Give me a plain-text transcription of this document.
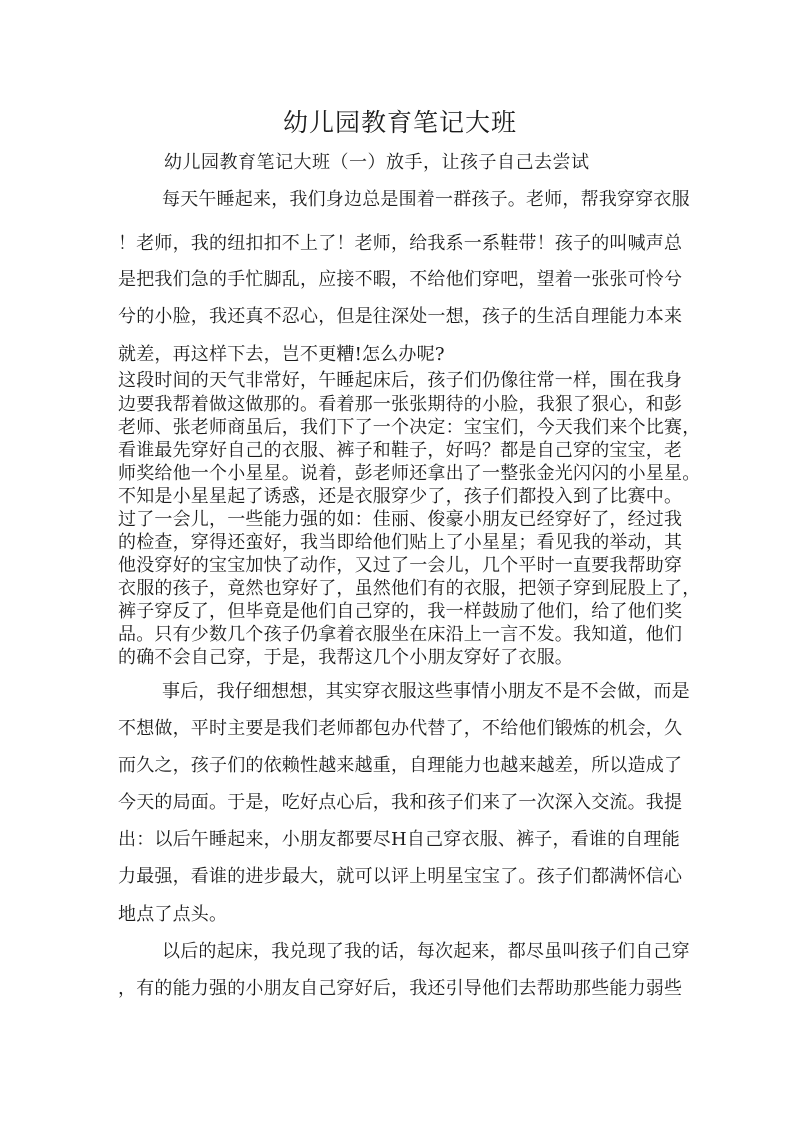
幼儿园教育笔记大班

幼儿园教育笔记大班（一）放手，让孩子自己去尝试

每天午睡起来，我们身边总是围着一群孩子。老师，帮我穿穿衣服

！老师，我的纽扣扣不上了！老师，给我系一系鞋带！孩子的叫喊声总

是把我们急的手忙脚乱，应接不暇，不给他们穿吧，望着一张张可怜兮

兮的小脸，我还真不忍心，但是往深处一想，孩子的生活自理能力本来

就差，再这样下去，岂不更糟!怎么办呢?

这段时间的天气非常好，午睡起床后，孩子们仍像往常一样，围在我身

边要我帮着做这做那的。看着那一张张期待的小脸，我狠了狠心，和彭

老师、张老师商虽后，我们下了一个决定：宝宝们，今天我们来个比赛，

看谁最先穿好自己的衣服、裤子和鞋子，好吗？都是自己穿的宝宝，老

师奖给他一个小星星。说着，彭老师还拿出了一整张金光闪闪的小星星。

不知是小星星起了诱惑，还是衣服穿少了，孩子们都投入到了比赛中。

过了一会儿，一些能力强的如：佳丽、俊豪小朋友已经穿好了，经过我

的检查，穿得还蛮好，我当即给他们贴上了小星星；看见我的举动，其

他没穿好的宝宝加快了动作，又过了一会儿，几个平时一直要我帮助穿

衣服的孩子，竟然也穿好了，虽然他们有的衣服，把领子穿到屁股上了，

裤子穿反了，但毕竟是他们自己穿的，我一样鼓励了他们，给了他们奖

品。只有少数几个孩子仍拿着衣服坐在床沿上一言不发。我知道，他们

的确不会自己穿，于是，我帮这几个小朋友穿好了衣服。

事后，我仔细想想，其实穿衣服这些事情小朋友不是不会做，而是

不想做，平时主要是我们老师都包办代替了，不给他们锻炼的机会，久

而久之，孩子们的依赖性越来越重，自理能力也越来越差，所以造成了

今天的局面。于是，吃好点心后，我和孩子们来了一次深入交流。我提

出：以后午睡起来，小朋友都要尽H自己穿衣服、裤子，看谁的自理能

力最强，看谁的进步最大，就可以评上明星宝宝了。孩子们都满怀信心

地点了点头。

以后的起床，我兑现了我的话，每次起来，都尽虽叫孩子们自己穿

，有的能力强的小朋友自己穿好后，我还引导他们去帮助那些能力弱些
